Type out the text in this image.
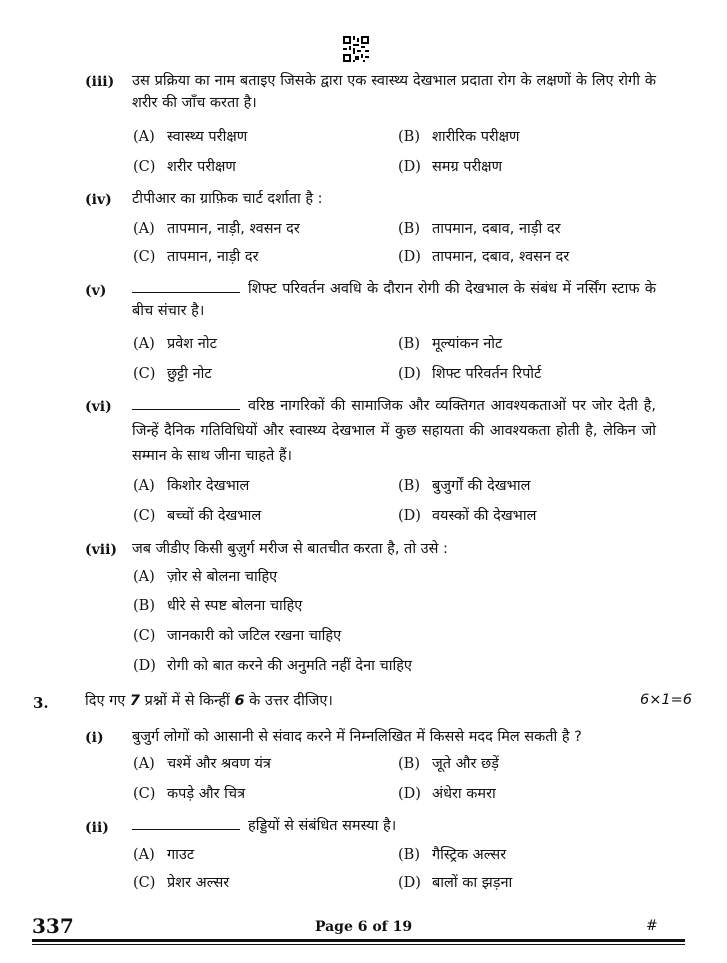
(iii) उस प्रक्रिया का नाम बताइए जिसके द्वारा एक स्वास्थ्य देखभाल प्रदाता रोग के लक्षणों के लिए रोगी के शरीर की जाँच करता है।
(A) स्वास्थ्य परीक्षण	(B) शारीरिक परीक्षण
(C) शरीर परीक्षण	(D) समग्र परीक्षण
(iv) टीपीआर का ग्राफ़िक चार्ट दर्शाता है :
(A) तापमान, नाड़ी, श्वसन दर	(B) तापमान, दबाव, नाड़ी दर
(C) तापमान, नाड़ी दर	(D) तापमान, दबाव, श्वसन दर
(v)	शिफ्ट परिवर्तन अवधि के दौरान रोगी की देखभाल के संबंध में नर्सिंग स्टाफ के बीच संचार है।
(A) प्रवेश नोट	(B) मूल्यांकन नोट
(C) छुट्टी नोट	(D) शिफ्ट परिवर्तन रिपोर्ट
(vi)	वरिष्ठ नागरिकों की सामाजिक और व्यक्तिगत आवश्यकताओं पर जोर देती है, जिन्हें दैनिक गतिविधियों और स्वास्थ्य देखभाल में कुछ सहायता की आवश्यकता होती है, लेकिन जो सम्मान के साथ जीना चाहते हैं।
(A) किशोर देखभाल	(B) बुजुर्गों की देखभाल
(C) बच्चों की देखभाल	(D) वयस्कों की देखभाल
(vii) जब जीडीए किसी बुज़ुर्ग मरीज से बातचीत करता है, तो उसे :
(A) ज़ोर से बोलना चाहिए
(B) धीरे से स्पष्ट बोलना चाहिए
(C) जानकारी को जटिल रखना चाहिए
(D) रोगी को बात करने की अनुमति नहीं देना चाहिए
3.	दिए गए 7 प्रश्नों में से किन्हीं 6 के उत्तर दीजिए।	6×1=6
(i) बुजुर्ग लोगों को आसानी से संवाद करने में निम्नलिखित में किससे मदद मिल सकती है ?
(A) चश्में और श्रवण यंत्र	(B) जूते और छड़ें
(C) कपड़े और चित्र	(D) अंधेरा कमरा
(ii)	हड्डियों से संबंधित समस्या है।
(A) गाउट	(B) गैस्ट्रिक अल्सर
(C) प्रेशर अल्सर	(D) बालों का झड़ना
337	Page 6 of 19	#
